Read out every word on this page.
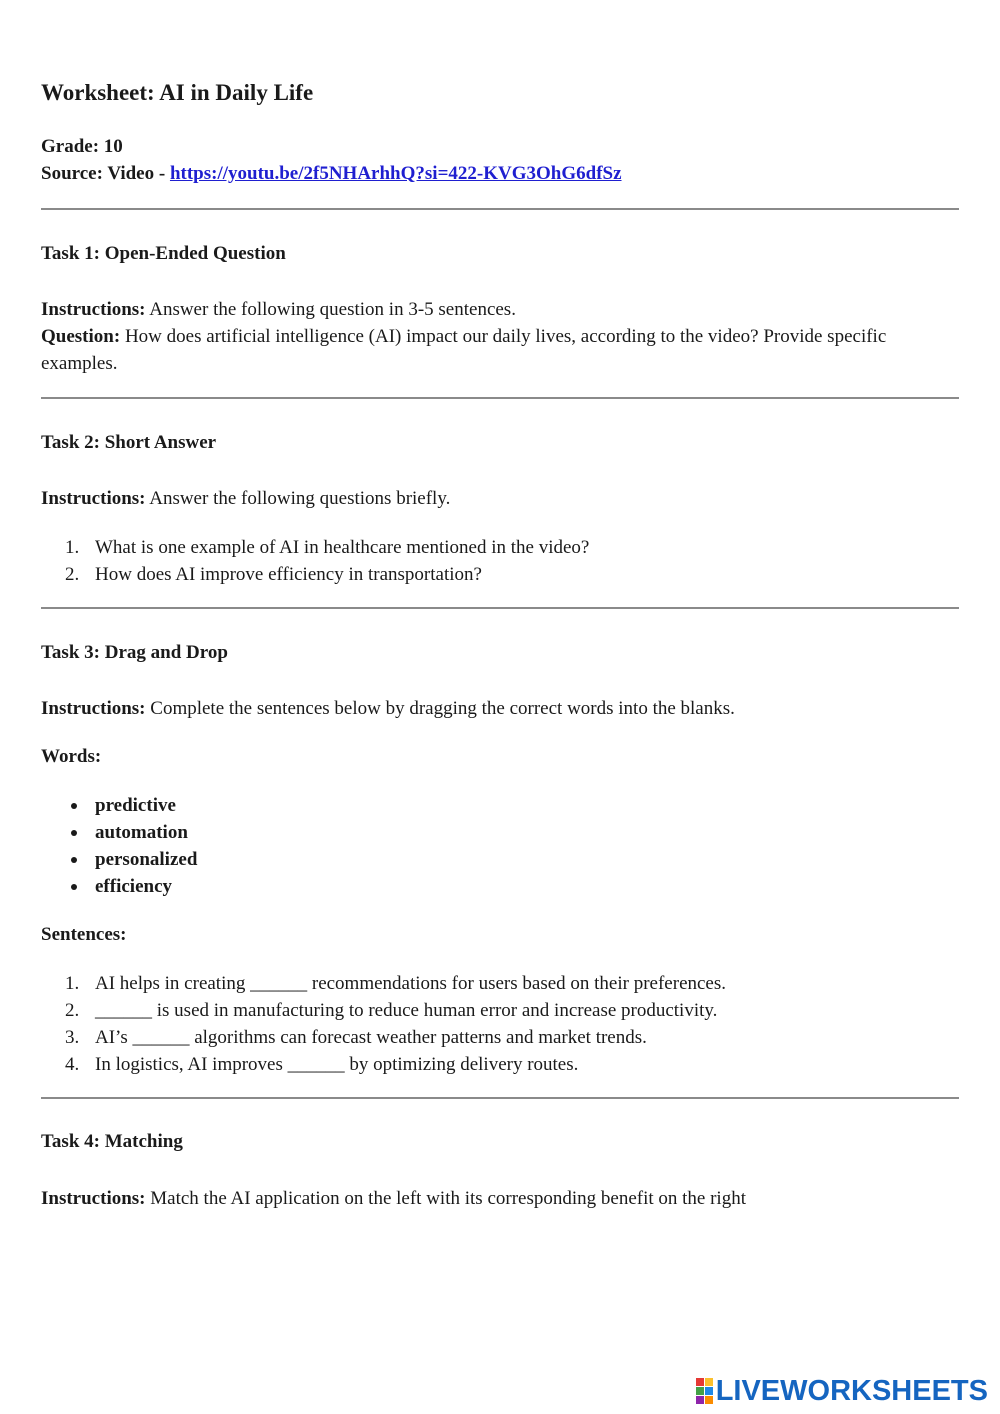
Worksheet: AI in Daily Life
Grade: 10
Source: Video - https://youtu.be/2f5NHArhhQ?si=422-KVG3OhG6dfSz
Task 1: Open-Ended Question
Instructions: Answer the following question in 3-5 sentences.
Question: How does artificial intelligence (AI) impact our daily lives, according to the video? Provide specific examples.
Task 2: Short Answer
Instructions: Answer the following questions briefly.
1. What is one example of AI in healthcare mentioned in the video?
2. How does AI improve efficiency in transportation?
Task 3: Drag and Drop
Instructions: Complete the sentences below by dragging the correct words into the blanks.
Words:
predictive
automation
personalized
efficiency
Sentences:
1. AI helps in creating ______ recommendations for users based on their preferences.
2. ______ is used in manufacturing to reduce human error and increase productivity.
3. AI’s ______ algorithms can forecast weather patterns and market trends.
4. In logistics, AI improves ______ by optimizing delivery routes.
Task 4: Matching
Instructions: Match the AI application on the left with its corresponding benefit on the right
LIVEWORKSHEETS
